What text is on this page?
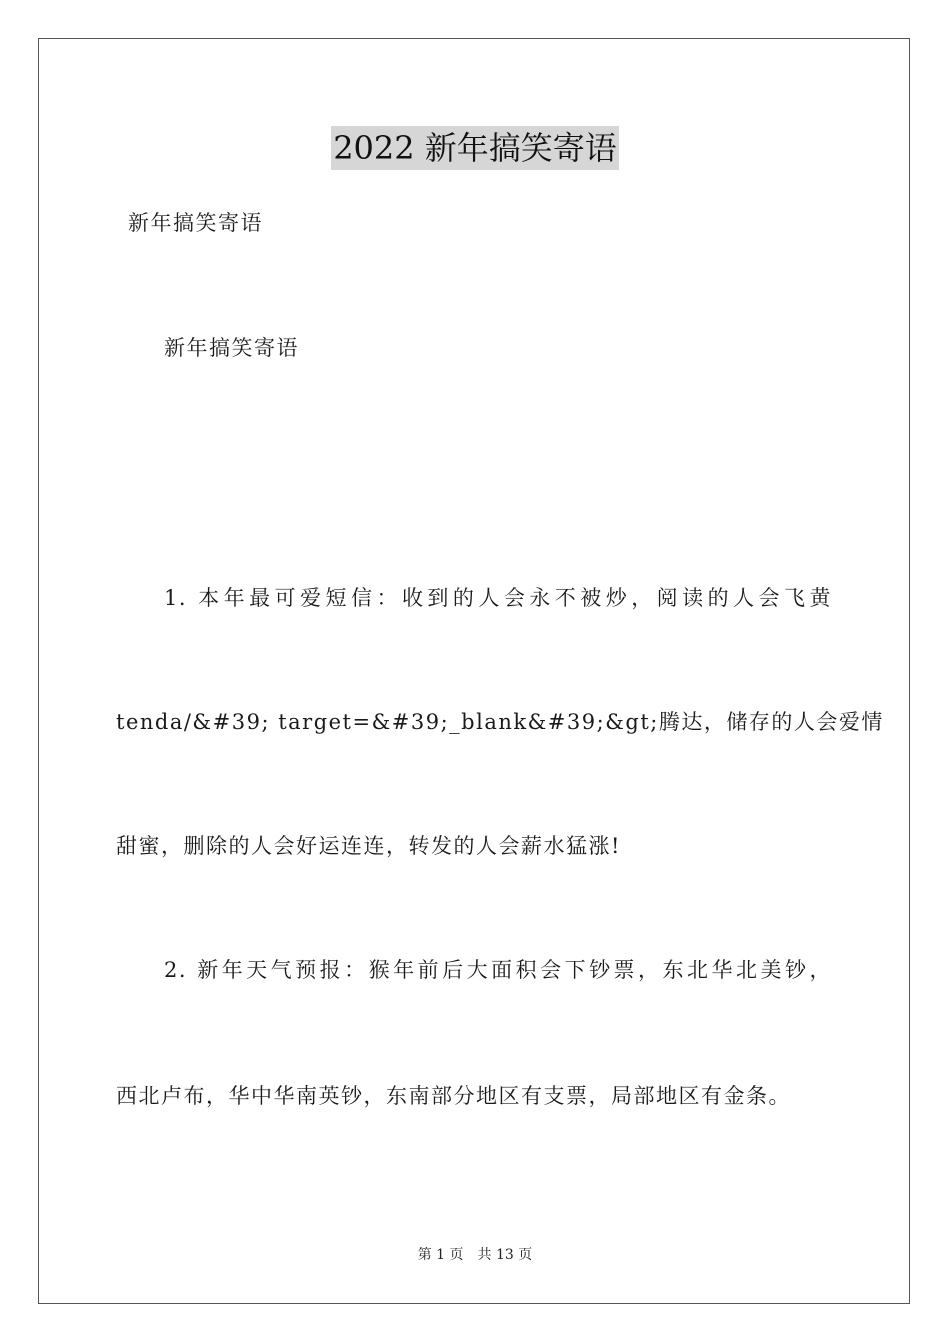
2022 新年搞笑寄语
新年搞笑寄语
新年搞笑寄语
1. 本年最可爱短信：收到的人会永不被炒，阅读的人会飞黄
tenda/&#39; target=&#39;_blank&#39;&gt;腾达，储存的人会爱情
甜蜜，删除的人会好运连连，转发的人会薪水猛涨!
2. 新年天气预报：猴年前后大面积会下钞票，东北华北美钞，
西北卢布，华中华南英钞，东南部分地区有支票，局部地区有金条。
第 1 页 共 13 页
